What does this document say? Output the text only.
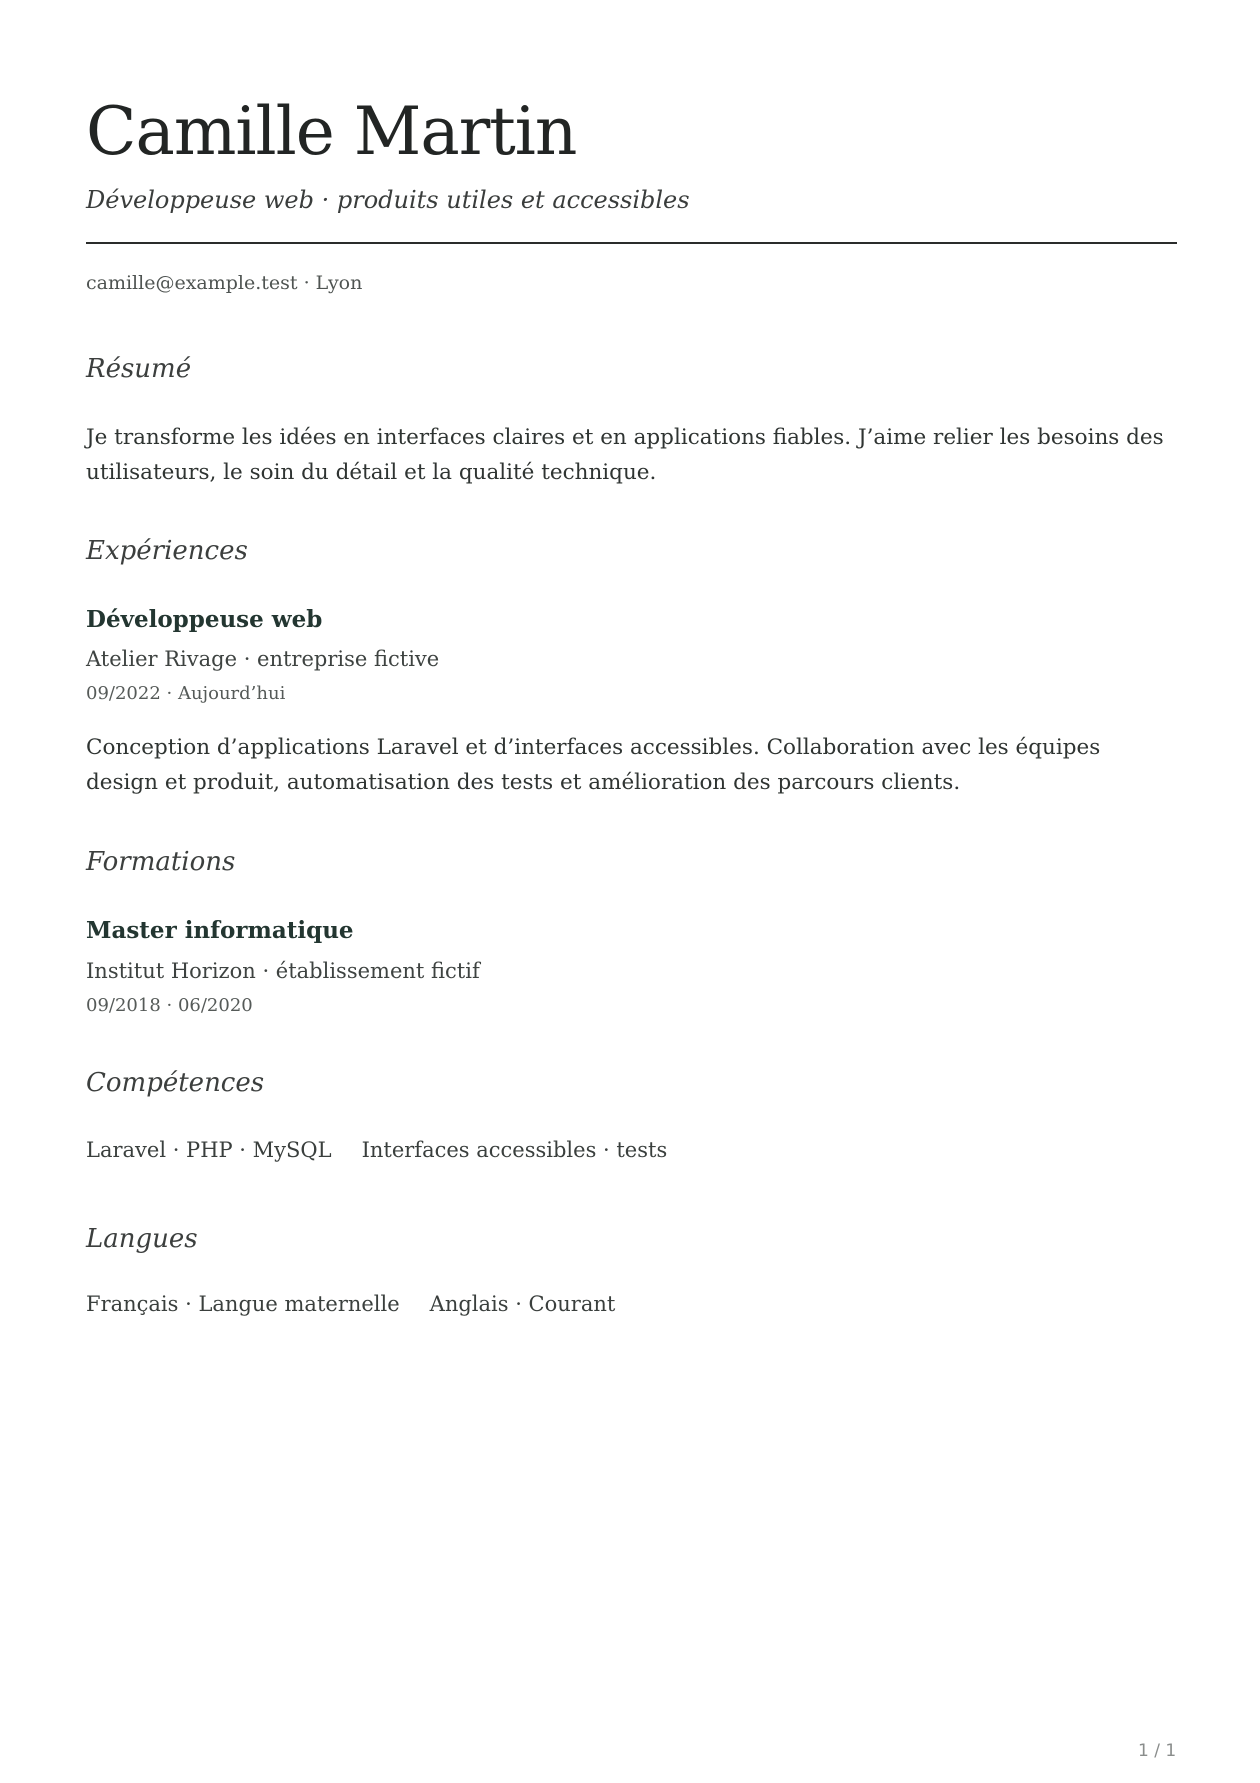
Camille Martin

Développeuse web · produits utiles et accessibles

camille@example.test · Lyon
Résumé

Je transforme les idées en interfaces claires et en applications fiables. J’aime relier les besoins des utilisateurs, le soin du détail et la qualité technique.

Expériences
Développeuse web
Atelier Rivage · entreprise fictive
09/2022 · Aujourd’hui

Conception d’applications Laravel et d’interfaces accessibles. Collaboration avec les équipes design et produit, automatisation des tests et amélioration des parcours clients.

Formations
Master informatique
Institut Horizon · établissement fictif
09/2018 · 06/2020
Compétences
Laravel · PHP · MySQL Interfaces accessibles · tests
Langues
Français · Langue maternelle Anglais · Courant
1 / 1
